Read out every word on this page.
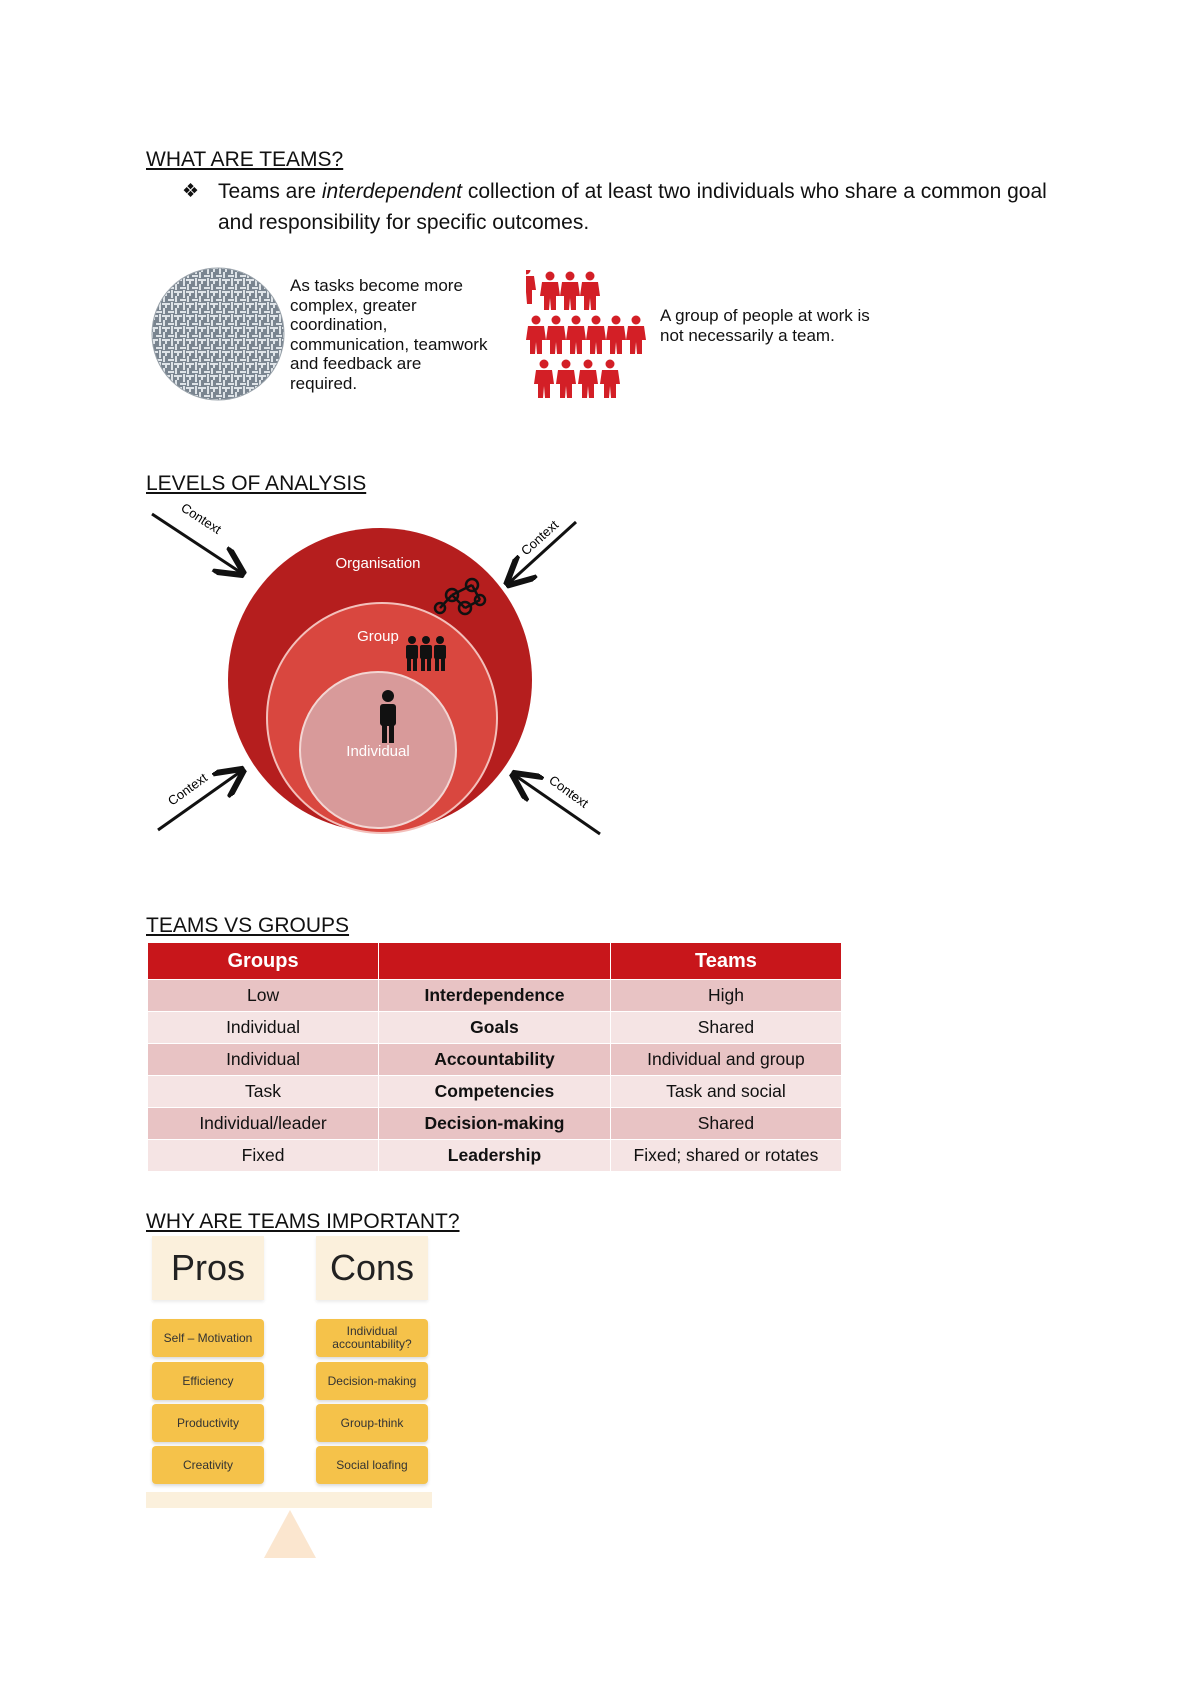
WHAT ARE TEAMS?
❖ Teams are interdependent collection of at least two individuals who share a common goal and responsibility for specific outcomes.
As tasks become more complex, greater coordination, communication, teamwork and feedback are required.
A group of people at work is not necessarily a team.
LEVELS OF ANALYSIS
Organisation
Group
Individual
Context	Context
Context	Context
TEAMS VS GROUPS
Groups		Teams
Low	Interdependence	High
Individual	Goals	Shared
Individual	Accountability	Individual and group
Task	Competencies	Task and social
Individual/leader	Decision-making	Shared
Fixed	Leadership	Fixed; shared or rotates
WHY ARE TEAMS IMPORTANT?
Pros	Cons
Self – Motivation
Efficiency
Productivity
Creativity
Individual accountability?
Decision-making
Group-think
Social loafing
